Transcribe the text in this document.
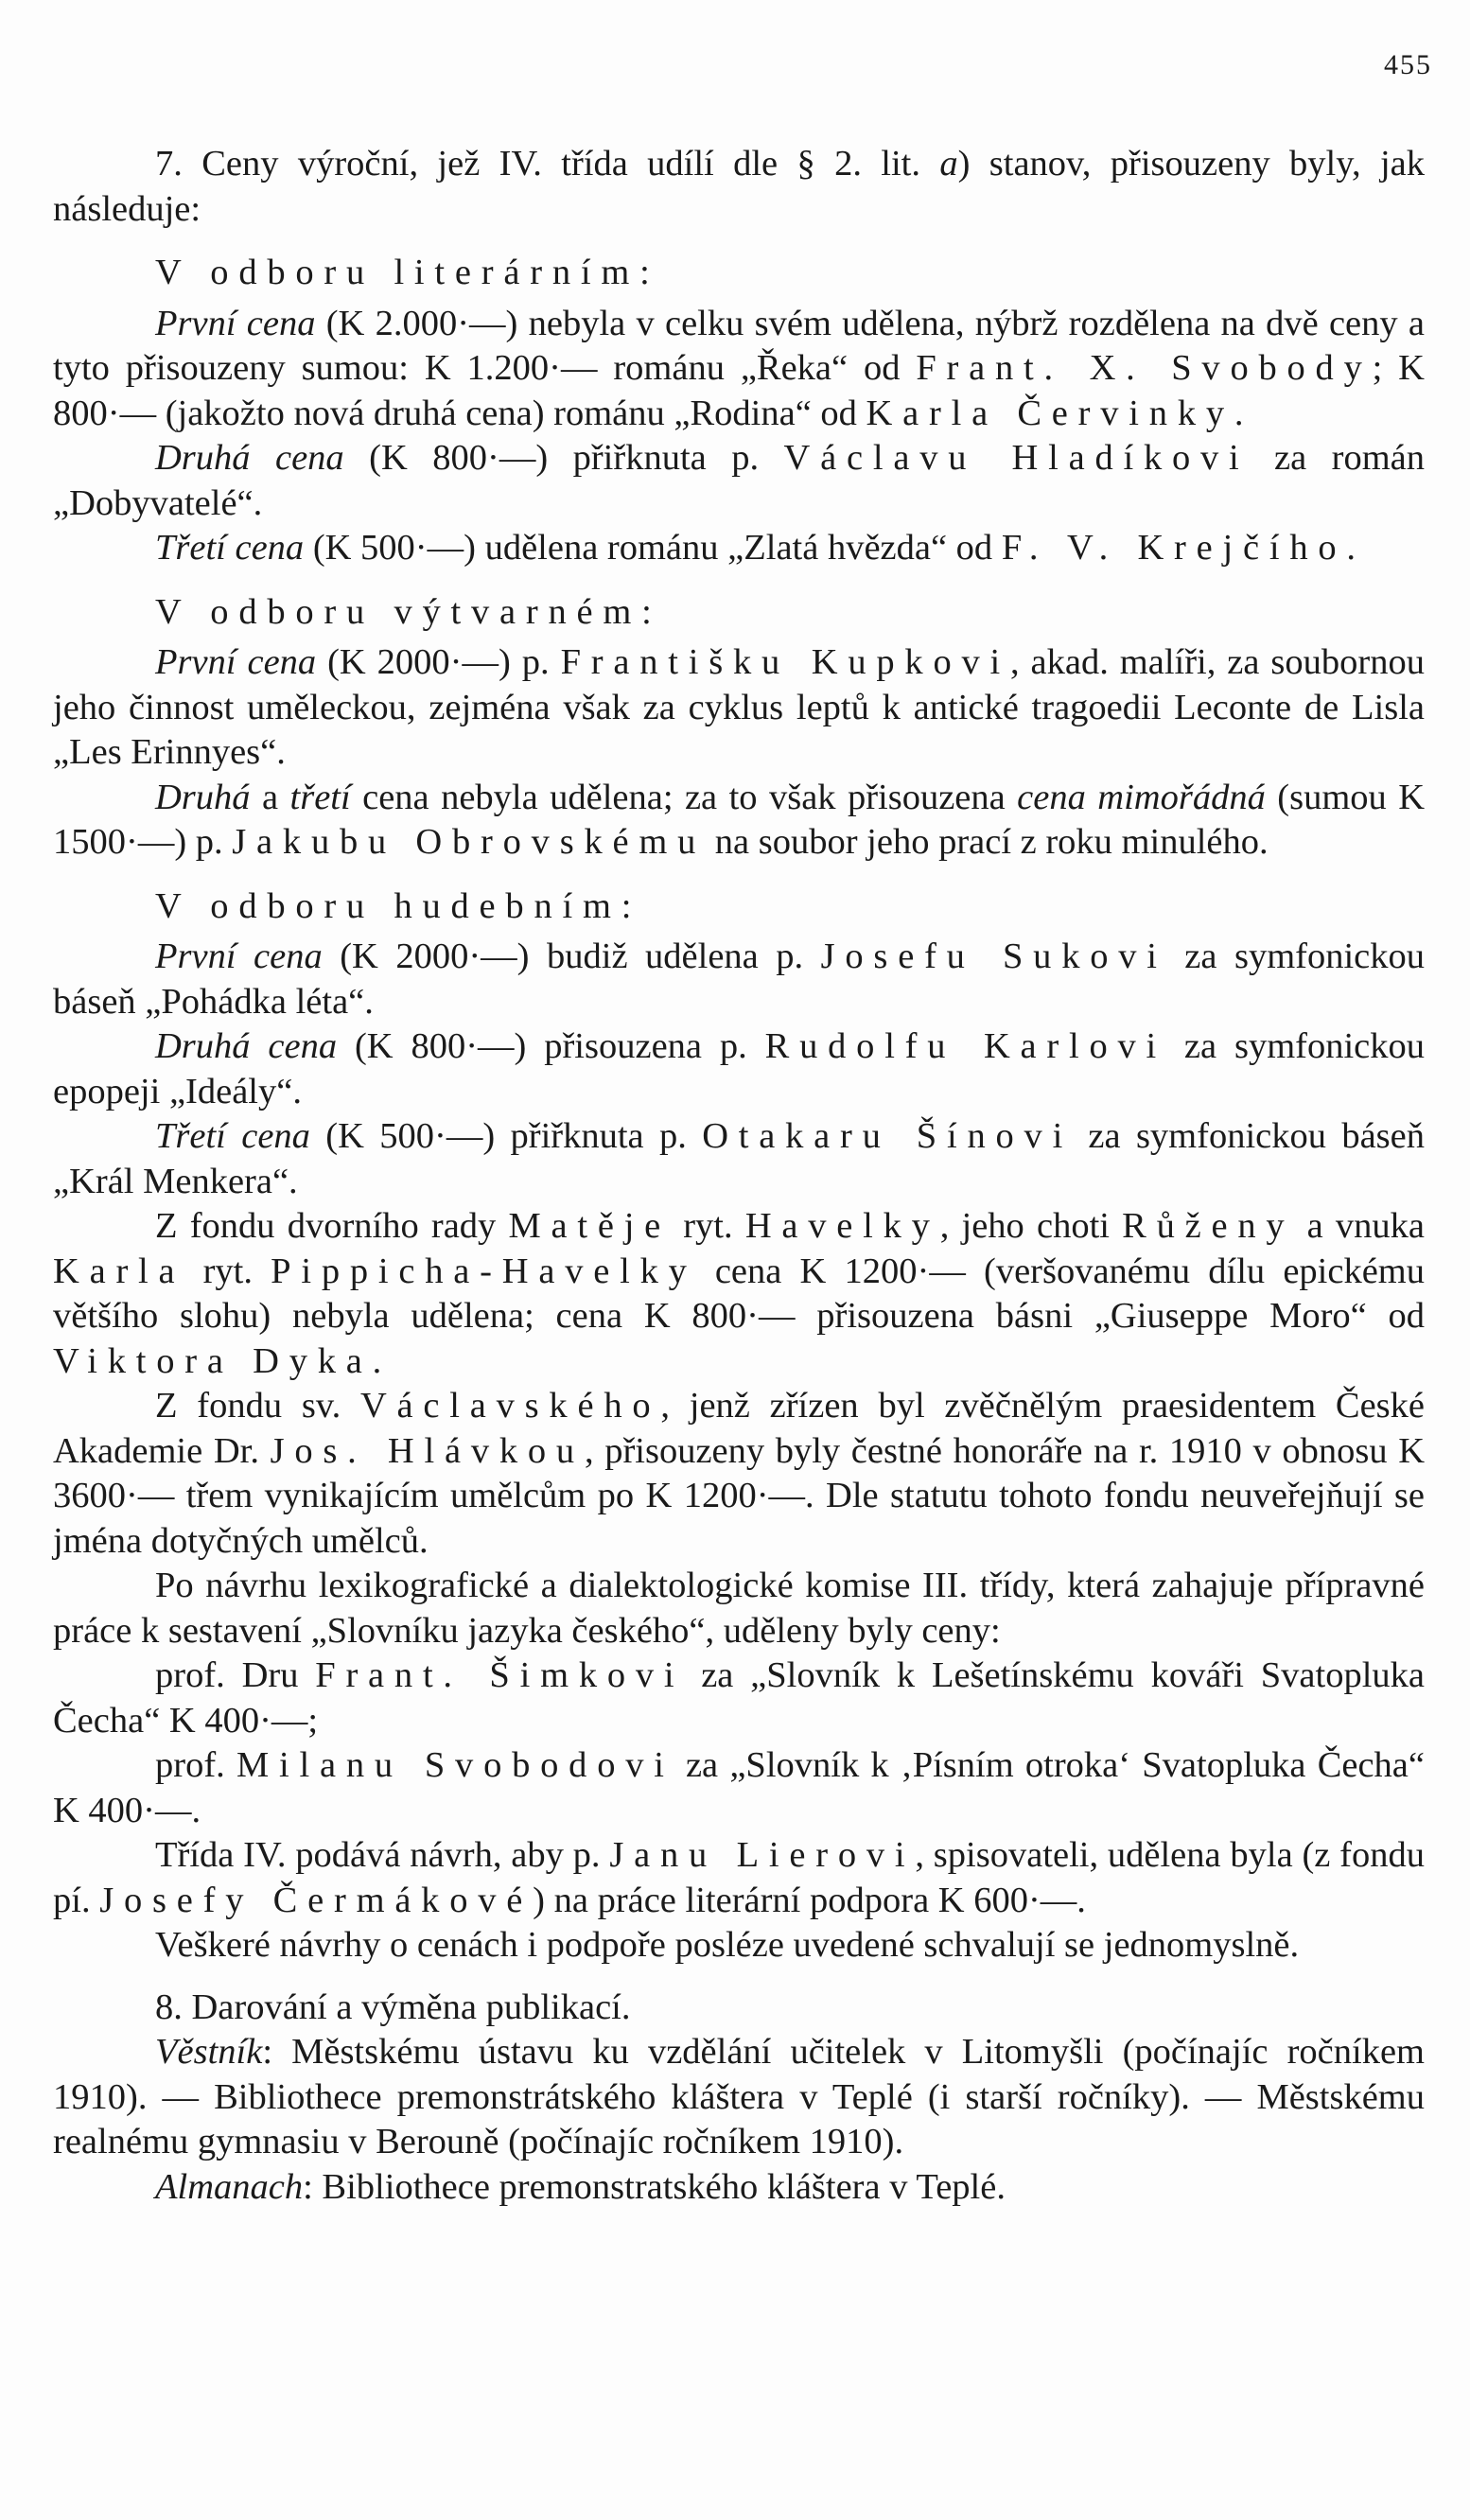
455

7. Ceny výroční, jež IV. třída udílí dle § 2. lit. a) stanov, přisouzeny byly, jak následuje:

V odboru literárním:

První cena (K 2.000·—) nebyla v celku svém udělena, nýbrž rozdělena na dvě ceny a tyto přisouzeny sumou: K 1.200·— románu „Řeka“ od Frant. X. Svobody; K 800·— (jakožto nová druhá cena) románu „Rodina“ od Karla Červinky.

Druhá cena (K 800·—) přiřknuta p. Václavu Hladíkovi za román „Dobyvatelé“.

Třetí cena (K 500·—) udělena románu „Zlatá hvězda“ od F. V. Krejčího.

V odboru výtvarném:

První cena (K 2000·—) p. Františku Kupkovi, akad. malíři, za soubornou jeho činnost uměleckou, zejména však za cyklus leptů k antické tragoedii Leconte de Lisla „Les Erinnyes“.

Druhá a třetí cena nebyla udělena; za to však přisouzena cena mimořádná (sumou K 1500·—) p. Jakubu Obrovskému na soubor jeho prací z roku minulého.

V odboru hudebním:

První cena (K 2000·—) budiž udělena p. Josefu Sukovi za symfonickou báseň „Pohádka léta“.

Druhá cena (K 800·—) přisouzena p. Rudolfu Karlovi za symfonickou epopeji „Ideály“.

Třetí cena (K 500·—) přiřknuta p. Otakaru Šínovi za symfonickou báseň „Král Menkera“.

Z fondu dvorního rady Matěje ryt. Havelky, jeho choti Růženy a vnuka Karla ryt. Pippicha-Havelky cena K 1200·— (veršovanému dílu epickému většího slohu) nebyla udělena; cena K 800·— přisouzena básni „Giuseppe Moro“ od Viktora Dyka.

Z fondu sv. Václavského, jenž zřízen byl zvěčnělým praesidentem České Akademie Dr. Jos. Hlávkou, přisouzeny byly čestné honoráře na r. 1910 v obnosu K 3600·— třem vynikajícím umělcům po K 1200·—. Dle statutu tohoto fondu neuveřejňují se jména dotyčných umělců.

Po návrhu lexikografické a dialektologické komise III. třídy, která zahajuje přípravné práce k sestavení „Slovníku jazyka českého“, uděleny byly ceny:

prof. Dru Frant. Šimkovi za „Slovník k Lešetínskému kováři Svatopluka Čecha“ K 400·—;

prof. Milanu Svobodovi za „Slovník k ‚Písním otroka‘ Svatopluka Čecha“ K 400·—.

Třída IV. podává návrh, aby p. Janu Lierovi, spisovateli, udělena byla (z fondu pí. Josefy Čermákové) na práce literární podpora K 600·—.

Veškeré návrhy o cenách i podpoře posléze uvedené schvalují se jednomyslně.

8. Darování a výměna publikací.

Věstník: Městskému ústavu ku vzdělání učitelek v Litomyšli (počínajíc ročníkem 1910). — Bibliothece premonstrátského kláštera v Teplé (i starší ročníky). — Městskému realnému gymnasiu v Berouně (počínajíc ročníkem 1910).

Almanach: Bibliothece premonstratského kláštera v Teplé.
